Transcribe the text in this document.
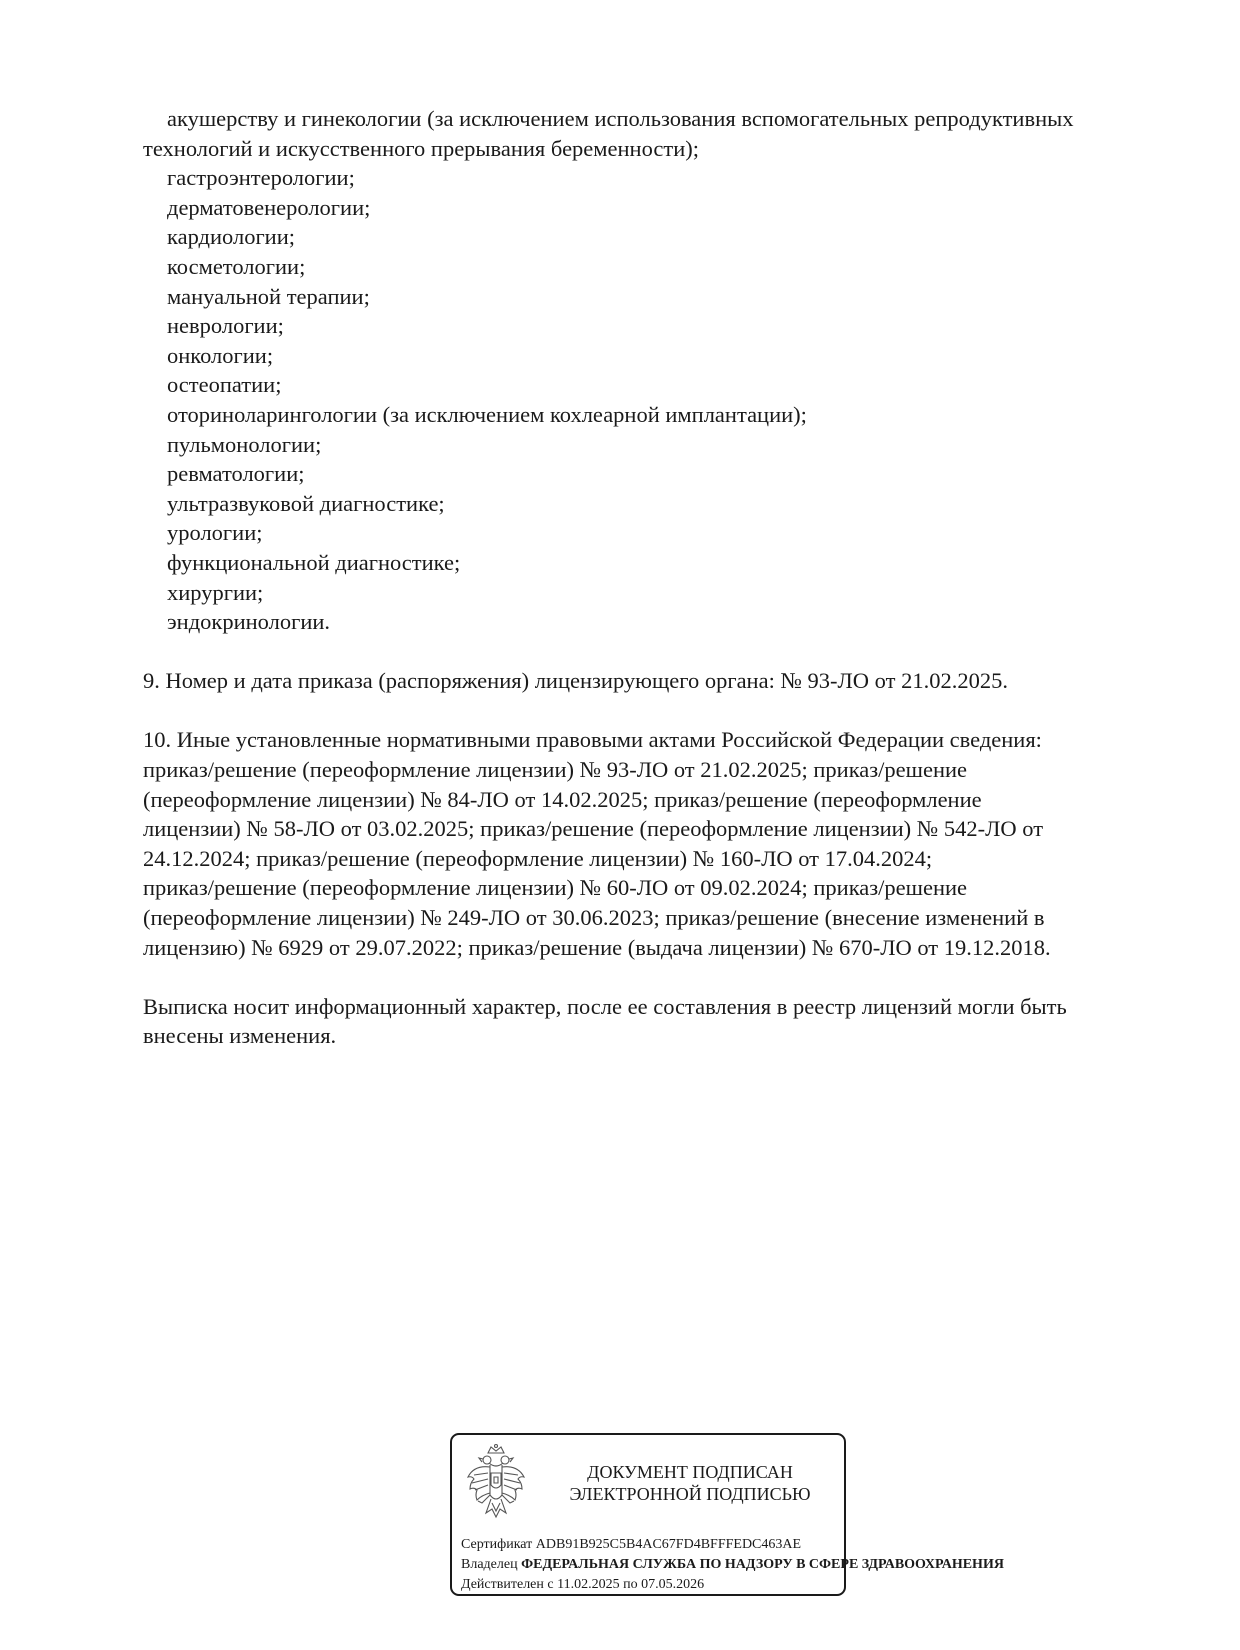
акушерству и гинекологии (за исключением использования вспомогательных репродуктивных

технологий и искусственного прерывания беременности);

гастроэнтерологии;

дерматовенерологии;

кардиологии;

косметологии;

мануальной терапии;

неврологии;

онкологии;

остеопатии;

оториноларингологии (за исключением кохлеарной имплантации);

пульмонологии;

ревматологии;

ультразвуковой диагностике;

урологии;

функциональной диагностике;

хирургии;

эндокринологии.

9. Номер и дата приказа (распоряжения) лицензирующего органа: № 93-ЛО от 21.02.2025.

10. Иные установленные нормативными правовыми актами Российской Федерации сведения:

приказ/решение (переоформление лицензии) № 93-ЛО от 21.02.2025; приказ/решение

(переоформление лицензии) № 84-ЛО от 14.02.2025; приказ/решение (переоформление

лицензии) № 58-ЛО от 03.02.2025; приказ/решение (переоформление лицензии) № 542-ЛО от

24.12.2024; приказ/решение (переоформление лицензии) № 160-ЛО от 17.04.2024;

приказ/решение (переоформление лицензии) № 60-ЛО от 09.02.2024; приказ/решение

(переоформление лицензии) № 249-ЛО от 30.06.2023; приказ/решение (внесение изменений в

лицензию) № 6929 от 29.07.2022; приказ/решение (выдача лицензии) № 670-ЛО от 19.12.2018.

Выписка носит информационный характер, после ее составления в реестр лицензий могли быть

внесены изменения.

ДОКУМЕНТ ПОДПИСАН
ЭЛЕКТРОННОЙ ПОДПИСЬЮ
Сертификат ADB91B925C5B4AC67FD4BFFFEDC463AE
Владелец ФЕДЕРАЛЬНАЯ СЛУЖБА ПО НАДЗОРУ В СФЕРЕ ЗДРАВООХРАНЕНИЯ
Действителен с 11.02.2025 по 07.05.2026
